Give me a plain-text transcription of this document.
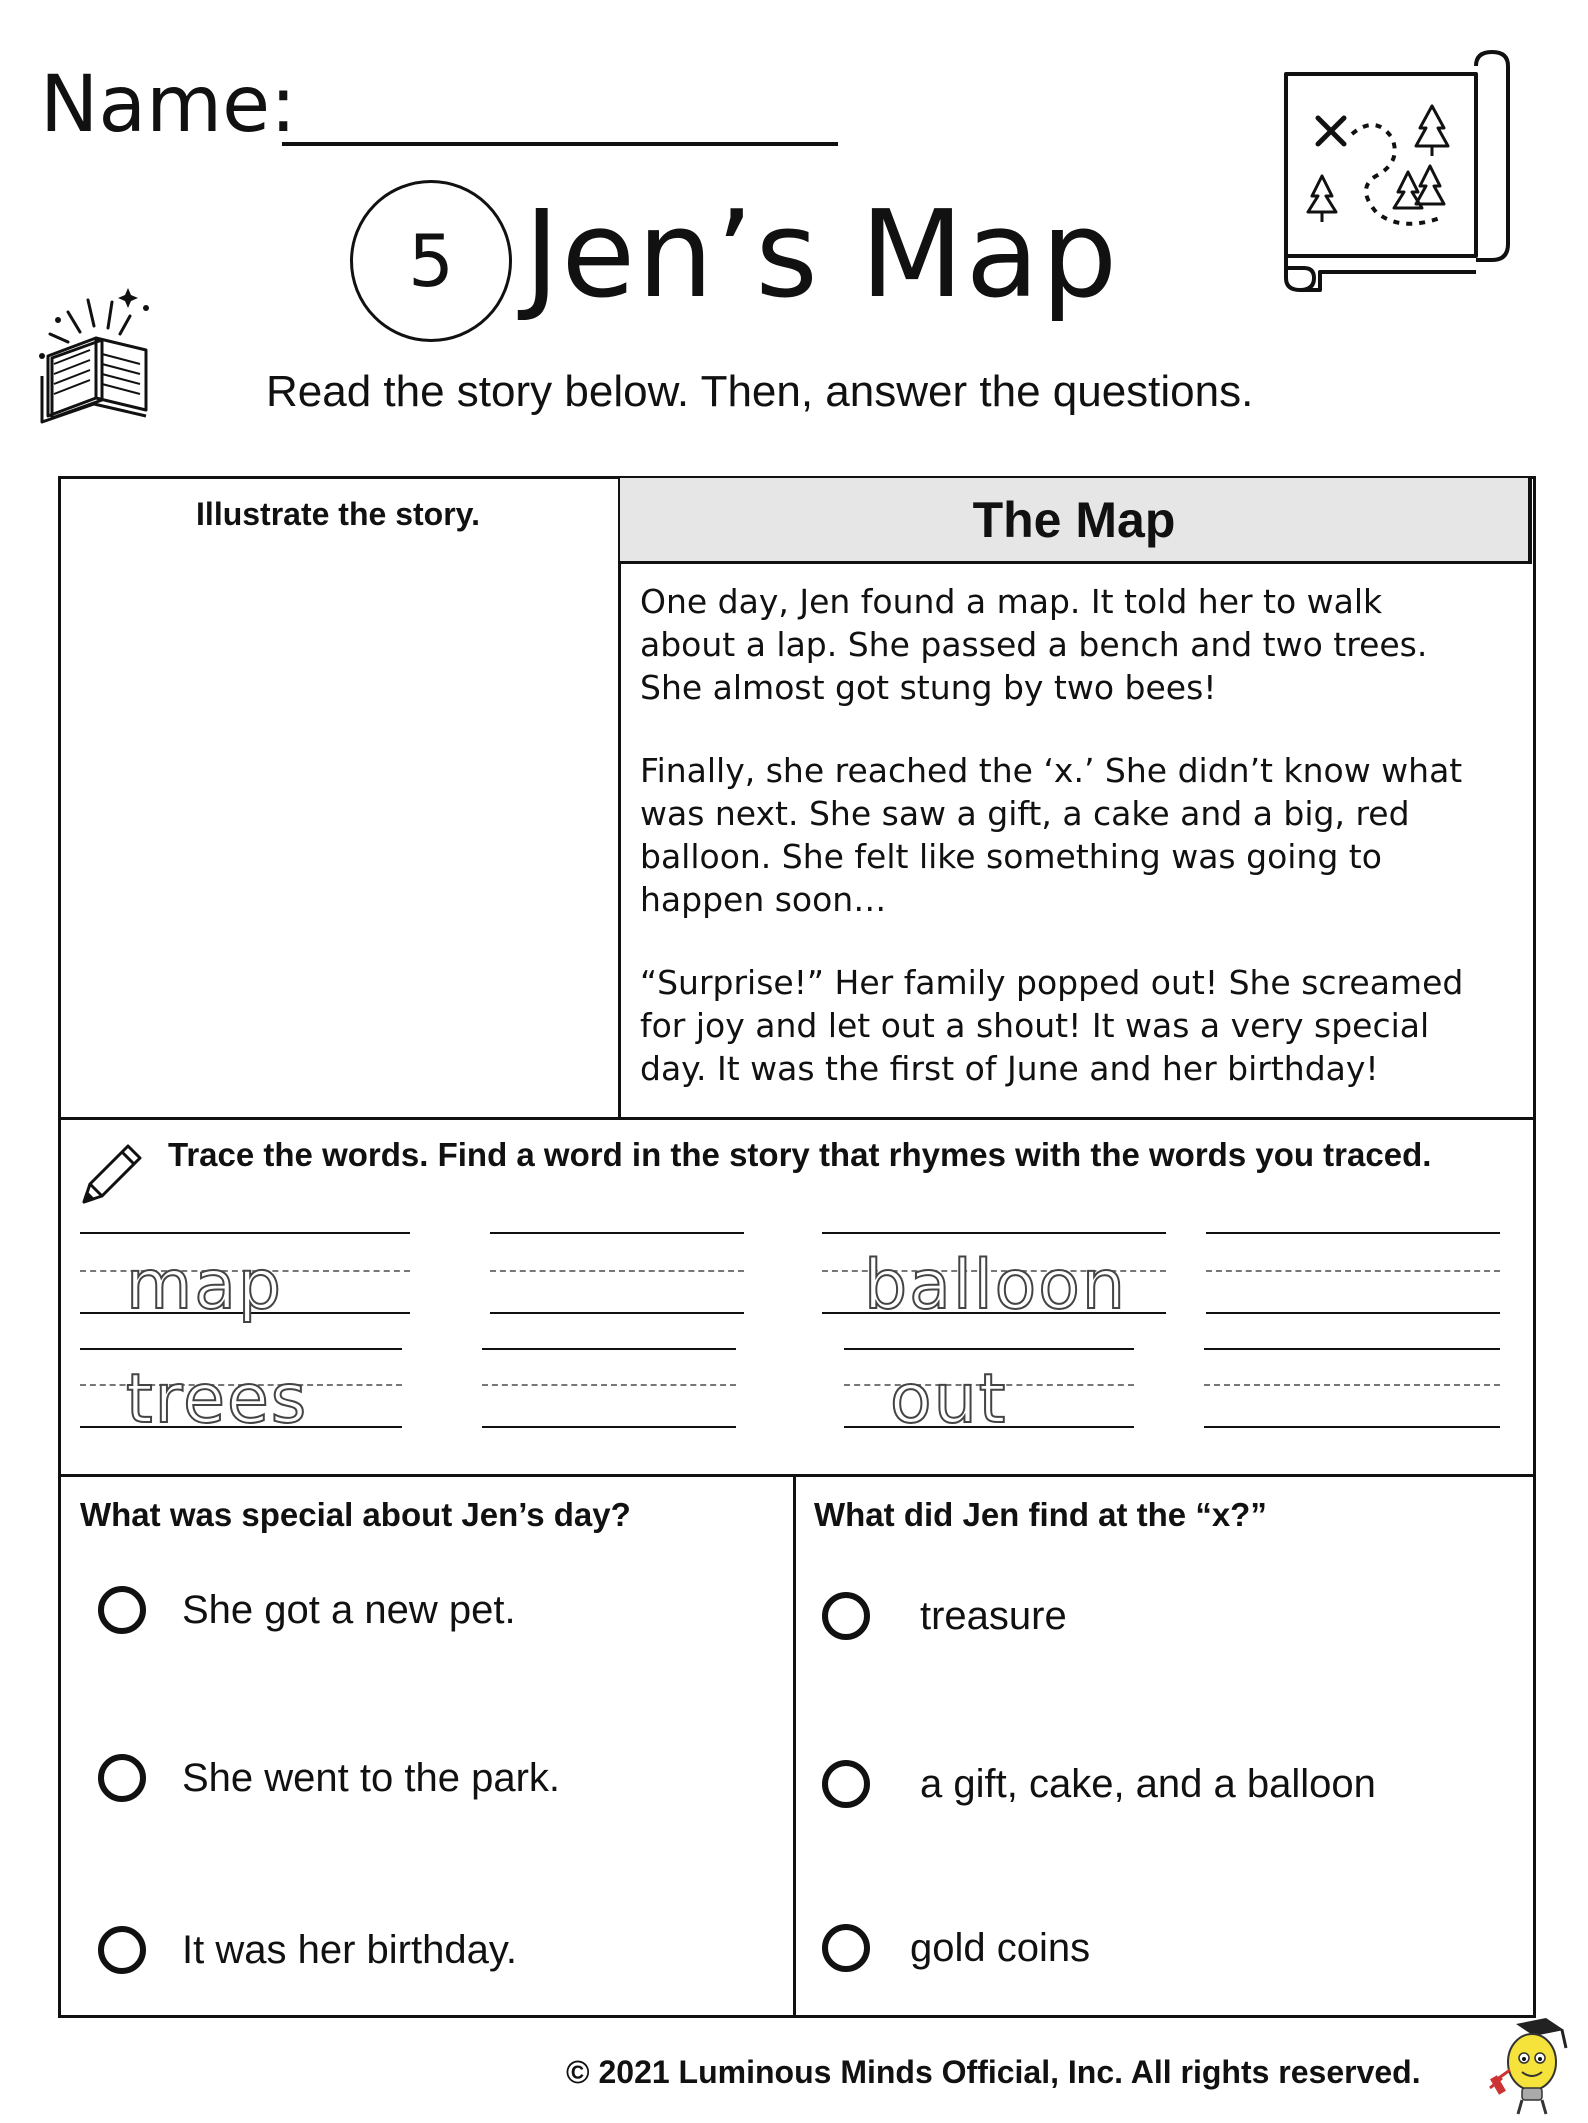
Name:
5 Jen’s Map
Read the story below. Then, answer the questions.
Illustrate the story.	The Map

One day, Jen found a map. It told her to walk
about a lap. She passed a bench and two trees.
She almost got stung by two bees!

Finally, she reached the ‘x.’ She didn’t know what
was next. She saw a gift, a cake and a big, red
balloon. She felt like something was going to
happen soon…

“Surprise!” Her family popped out! She screamed
for joy and let out a shout! It was a very special
day. It was the first of June and her birthday!

Trace the words. Find a word in the story that rhymes with the words you traced.
map	balloon
trees	out
What was special about Jen’s day?
She got a new pet.
She went to the park.
It was her birthday.
What did Jen find at the “x?”
treasure
a gift, cake, and a balloon
gold coins
© 2021 Luminous Minds Official, Inc. All rights reserved.
